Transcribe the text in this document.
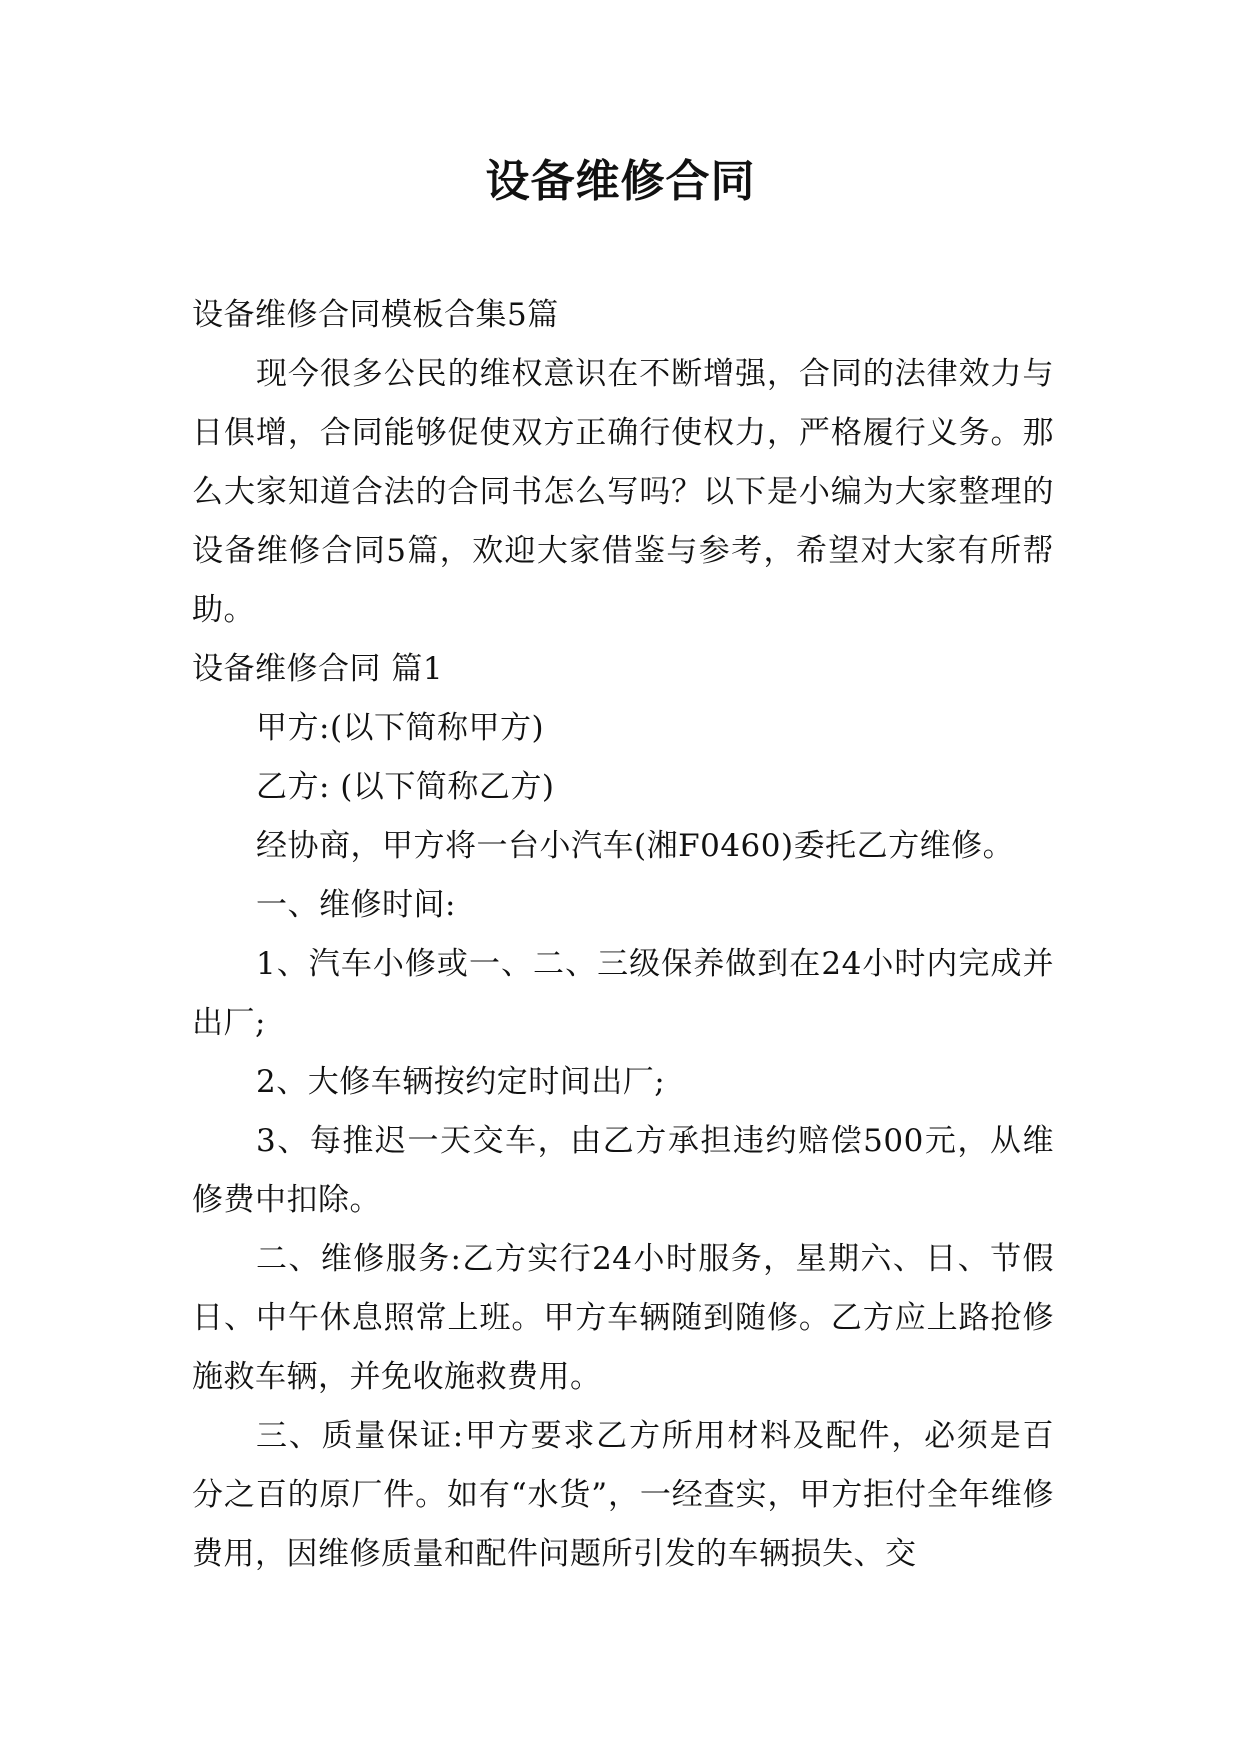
设备维修合同

设备维修合同模板合集5篇

现今很多公民的维权意识在不断增强，合同的法律效力与日俱增，合同能够促使双方正确行使权力，严格履行义务。那么大家知道合法的合同书怎么写吗？以下是小编为大家整理的设备维修合同5篇，欢迎大家借鉴与参考，希望对大家有所帮助。

设备维修合同 篇1

甲方:(以下简称甲方)

乙方: (以下简称乙方)

经协商，甲方将一台小汽车(湘F0460)委托乙方维修。

一、维修时间:

1、汽车小修或一、二、三级保养做到在24小时内完成并出厂;

2、大修车辆按约定时间出厂;

3、每推迟一天交车，由乙方承担违约赔偿500元，从维修费中扣除。

二、维修服务:乙方实行24小时服务，星期六、日、节假日、中午休息照常上班。甲方车辆随到随修。乙方应上路抢修施救车辆，并免收施救费用。

三、质量保证:甲方要求乙方所用材料及配件，必须是百分之百的原厂件。如有“水货”，一经查实，甲方拒付全年维修费用，因维修质量和配件问题所引发的车辆损失、交
